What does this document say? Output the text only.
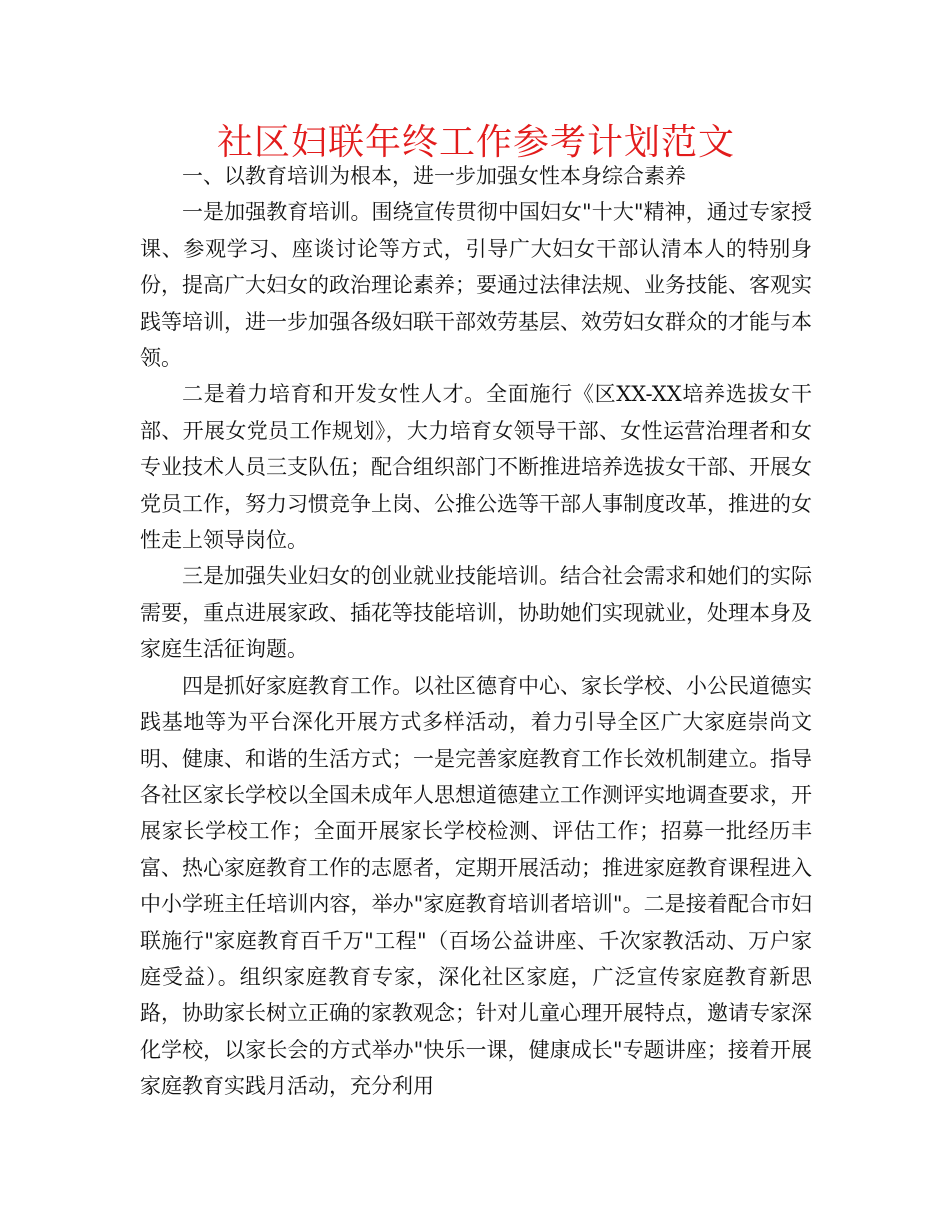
社区妇联年终工作参考计划范文

一、以教育培训为根本，进一步加强女性本身综合素养

一是加强教育培训。围绕宣传贯彻中国妇女"十大"精神，通过专家授课、参观学习、座谈讨论等方式，引导广大妇女干部认清本人的特别身份，提高广大妇女的政治理论素养；要通过法律法规、业务技能、客观实践等培训，进一步加强各级妇联干部效劳基层、效劳妇女群众的才能与本领。

二是着力培育和开发女性人才。全面施行《区XX-XX培养选拔女干部、开展女党员工作规划》，大力培育女领导干部、女性运营治理者和女专业技术人员三支队伍；配合组织部门不断推进培养选拔女干部、开展女党员工作，努力习惯竞争上岗、公推公选等干部人事制度改革，推进的女性走上领导岗位。

三是加强失业妇女的创业就业技能培训。结合社会需求和她们的实际需要，重点进展家政、插花等技能培训，协助她们实现就业，处理本身及家庭生活征询题。

四是抓好家庭教育工作。以社区德育中心、家长学校、小公民道德实践基地等为平台深化开展方式多样活动，着力引导全区广大家庭崇尚文明、健康、和谐的生活方式；一是完善家庭教育工作长效机制建立。指导各社区家长学校以全国未成年人思想道德建立工作测评实地调查要求，开展家长学校工作；全面开展家长学校检测、评估工作；招募一批经历丰富、热心家庭教育工作的志愿者，定期开展活动；推进家庭教育课程进入中小学班主任培训内容，举办"家庭教育培训者培训"。二是接着配合市妇联施行"家庭教育百千万"工程"（百场公益讲座、千次家教活动、万户家庭受益）。组织家庭教育专家，深化社区家庭，广泛宣传家庭教育新思路，协助家长树立正确的家教观念；针对儿童心理开展特点，邀请专家深化学校，以家长会的方式举办"快乐一课，健康成长"专题讲座；接着开展家庭教育实践月活动，充分利用
